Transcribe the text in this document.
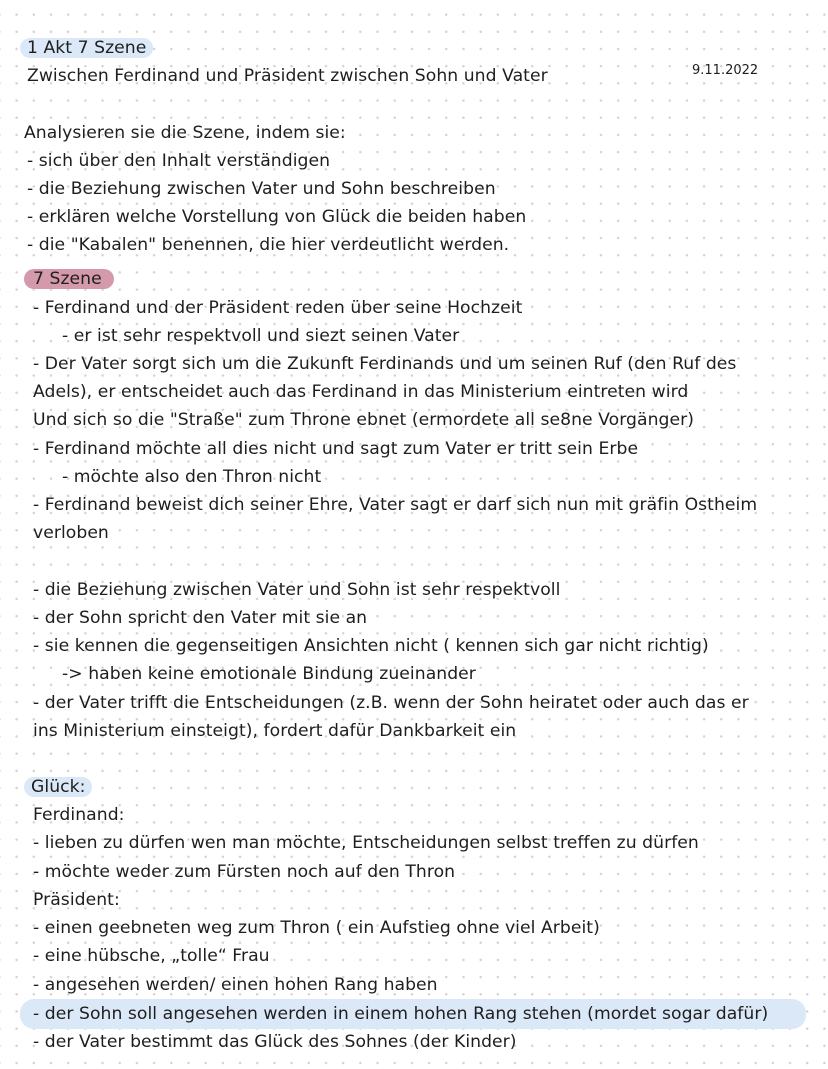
1 Akt 7 Szene
Zwischen Ferdinand und Präsident zwischen Sohn und Vater	9.11.2022
Analysieren sie die Szene, indem sie:
- sich über den Inhalt verständigen
- die Beziehung zwischen Vater und Sohn beschreiben
- erklären welche Vorstellung von Glück die beiden haben
- die "Kabalen" benennen, die hier verdeutlicht werden.
7 Szene
- Ferdinand und der Präsident reden über seine Hochzeit
- er ist sehr respektvoll und siezt seinen Vater
- Der Vater sorgt sich um die Zukunft Ferdinands und um seinen Ruf (den Ruf des
Adels), er entscheidet auch das Ferdinand in das Ministerium eintreten wird
Und sich so die "Straße" zum Throne ebnet (ermordete all se8ne Vorgänger)
- Ferdinand möchte all dies nicht und sagt zum Vater er tritt sein Erbe
- möchte also den Thron nicht
- Ferdinand beweist dich seiner Ehre, Vater sagt er darf sich nun mit gräfin Ostheim
verloben
- die Beziehung zwischen Vater und Sohn ist sehr respektvoll
- der Sohn spricht den Vater mit sie an
- sie kennen die gegenseitigen Ansichten nicht ( kennen sich gar nicht richtig)
-> haben keine emotionale Bindung zueinander
- der Vater trifft die Entscheidungen (z.B. wenn der Sohn heiratet oder auch das er
ins Ministerium einsteigt), fordert dafür Dankbarkeit ein
Glück:
Ferdinand:
- lieben zu dürfen wen man möchte, Entscheidungen selbst treffen zu dürfen
- möchte weder zum Fürsten noch auf den Thron
Präsident:
- einen geebneten weg zum Thron ( ein Aufstieg ohne viel Arbeit)
- eine hübsche, „tolle“ Frau
- angesehen werden/ einen hohen Rang haben
- der Sohn soll angesehen werden in einem hohen Rang stehen (mordet sogar dafür)
- der Vater bestimmt das Glück des Sohnes (der Kinder)
